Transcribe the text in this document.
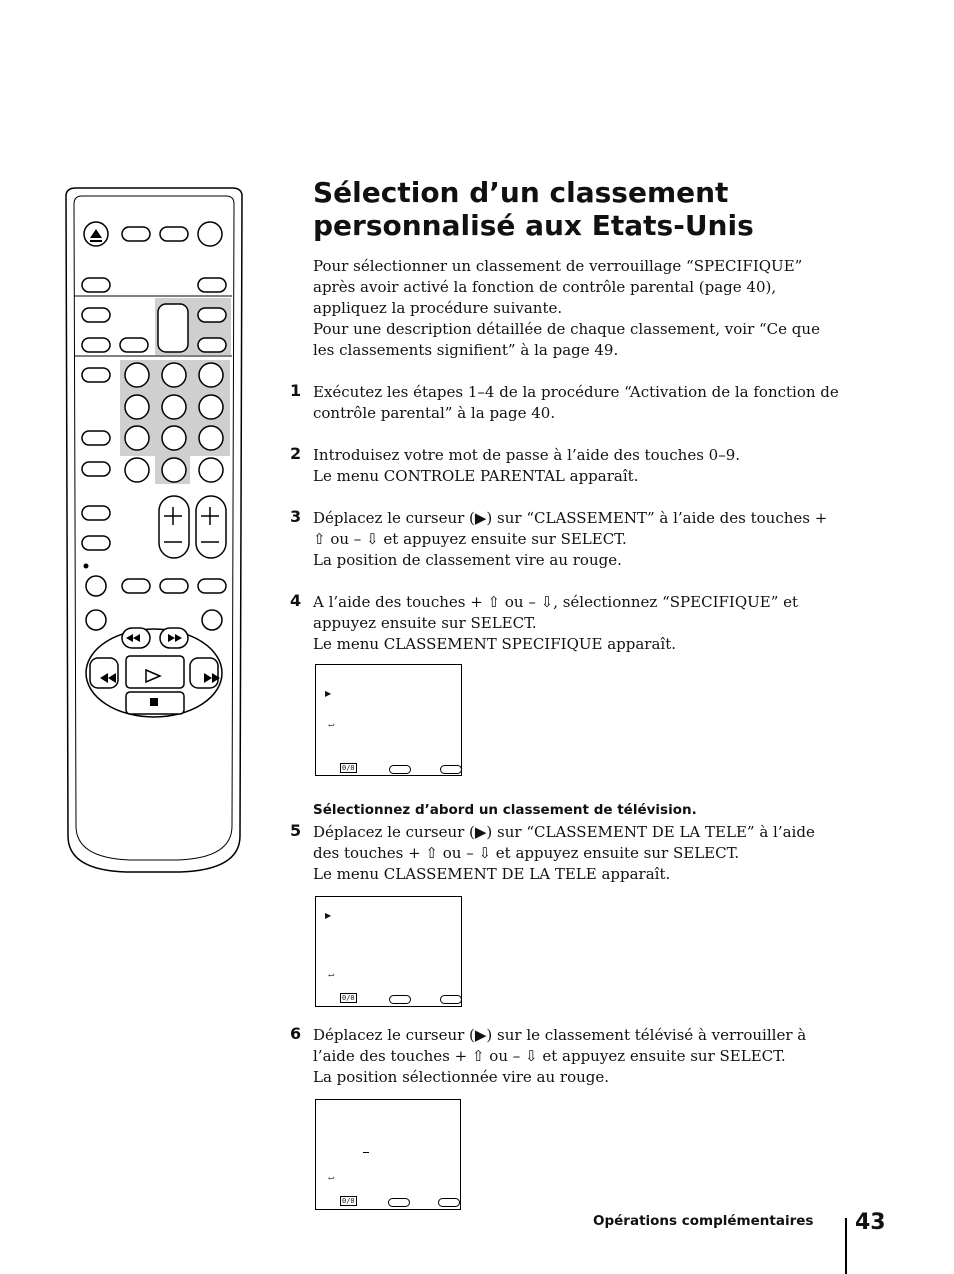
Sélection d’un classement personnalisé aux Etats-Unis
Pour sélectionner un classement de verrouillage “SPECIFIQUE” après avoir activé la fonction de contrôle parental (page 40), appliquez la procédure suivante.
Pour une description détaillée de chaque classement, voir “Ce que les classements signifient” à la page 49.
1 Exécutez les étapes 1–4 de la procédure “Activation de la fonction de contrôle parental” à la page 40.
2 Introduisez votre mot de passe à l’aide des touches 0–9.
Le menu CONTROLE PARENTAL apparaît.
3 Déplacez le curseur (▶) sur “CLASSEMENT” à l’aide des touches + ⇧ ou – ⇩ et appuyez ensuite sur SELECT.
La position de classement vire au rouge.
4 A l’aide des touches + ⇧ ou – ⇩, sélectionnez “SPECIFIQUE” et appuyez ensuite sur SELECT.
Le menu CLASSEMENT SPECIFIQUE apparaît.
▶
↩
0/0
Sélectionnez d’abord un classement de télévision.
5 Déplacez le curseur (▶) sur “CLASSEMENT DE LA TELE” à l’aide des touches + ⇧ ou – ⇩ et appuyez ensuite sur SELECT.
Le menu CLASSEMENT DE LA TELE apparaît.
▶
↩
0/0
6 Déplacez le curseur (▶) sur le classement télévisé à verrouiller à l’aide des touches + ⇧ ou – ⇩ et appuyez ensuite sur SELECT.
La position sélectionnée vire au rouge.
↩
0/0
Opérations complémentaires 43
